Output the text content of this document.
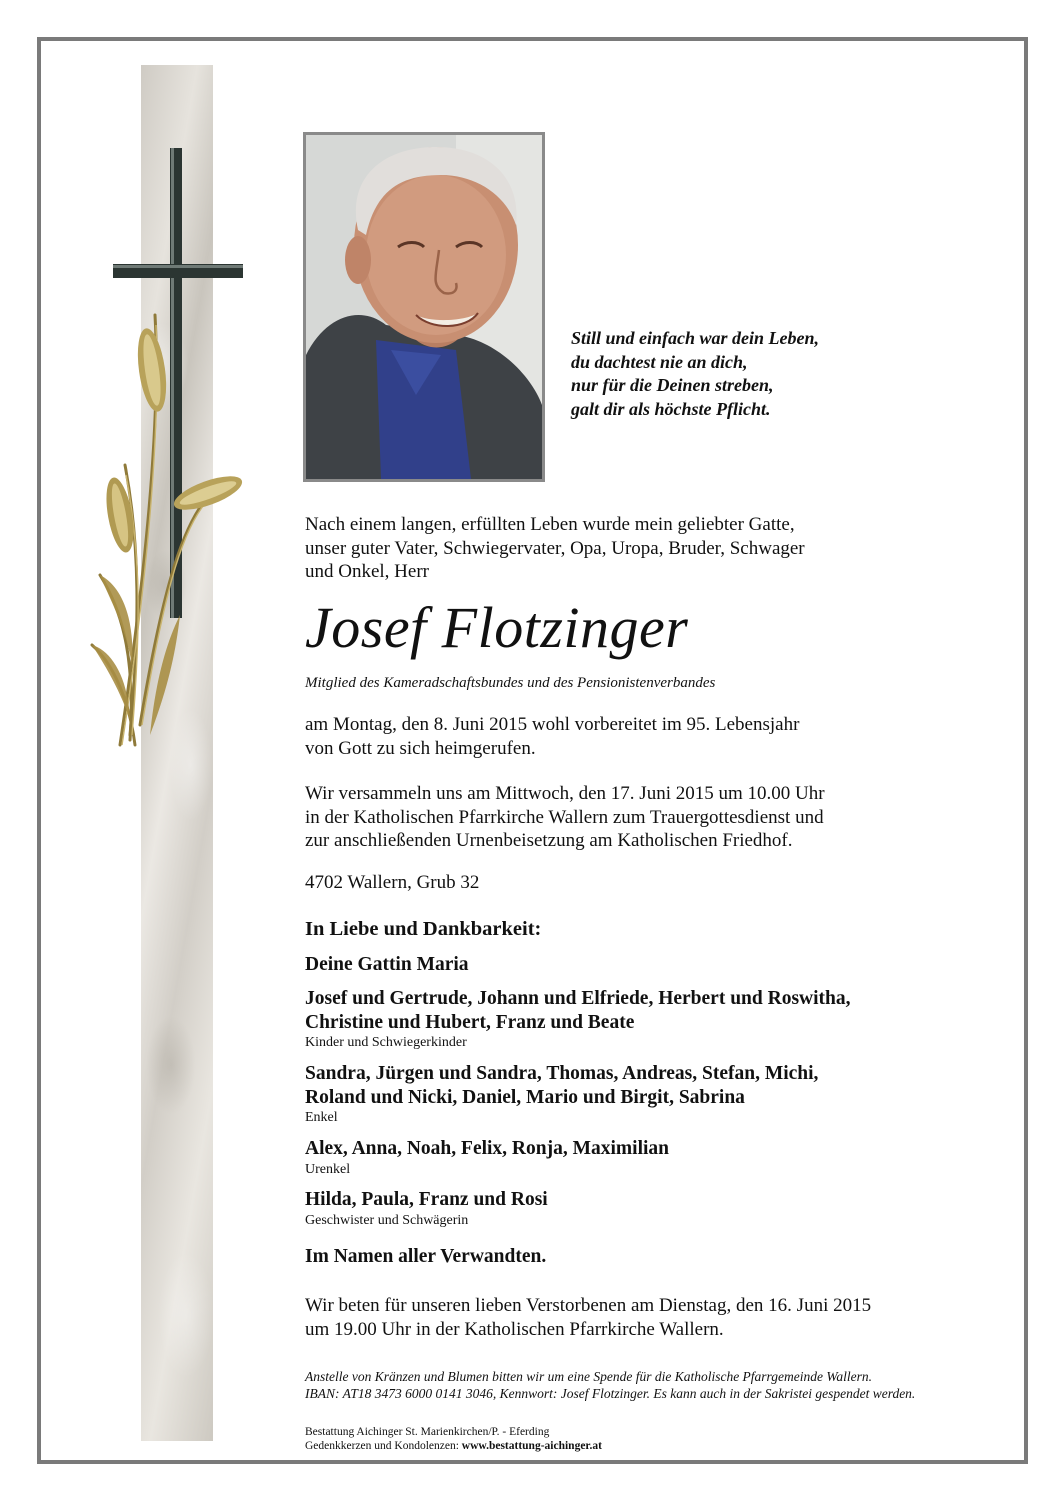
Still und einfach war dein Leben,
du dachtest nie an dich,
nur für die Deinen streben,
galt dir als höchste Pflicht.
Nach einem langen, erfüllten Leben wurde mein geliebter Gatte,
unser guter Vater, Schwiegervater, Opa, Uropa, Bruder, Schwager
und Onkel, Herr
Josef Flotzinger
Mitglied des Kameradschaftsbundes und des Pensionistenverbandes
am Montag, den 8. Juni 2015 wohl vorbereitet im 95. Lebensjahr
von Gott zu sich heimgerufen.
Wir versammeln uns am Mittwoch, den 17. Juni 2015 um 10.00 Uhr
in der Katholischen Pfarrkirche Wallern zum Trauergottesdienst und
zur anschließenden Urnenbeisetzung am Katholischen Friedhof.
4702 Wallern, Grub 32
In Liebe und Dankbarkeit:
Deine Gattin Maria
Josef und Gertrude, Johann und Elfriede, Herbert und Roswitha,
Christine und Hubert, Franz und Beate
Kinder und Schwiegerkinder
Sandra, Jürgen und Sandra, Thomas, Andreas, Stefan, Michi,
Roland und Nicki, Daniel, Mario und Birgit, Sabrina
Enkel
Alex, Anna, Noah, Felix, Ronja, Maximilian
Urenkel
Hilda, Paula, Franz und Rosi
Geschwister und Schwägerin
Im Namen aller Verwandten.
Wir beten für unseren lieben Verstorbenen am Dienstag, den 16. Juni 2015
um 19.00 Uhr in der Katholischen Pfarrkirche Wallern.
Anstelle von Kränzen und Blumen bitten wir um eine Spende für die Katholische Pfarrgemeinde Wallern.
IBAN: AT18 3473 6000 0141 3046, Kennwort: Josef Flotzinger. Es kann auch in der Sakristei gespendet werden.
Bestattung Aichinger St. Marienkirchen/P. - Eferding
Gedenkkerzen und Kondolenzen: www.bestattung-aichinger.at
